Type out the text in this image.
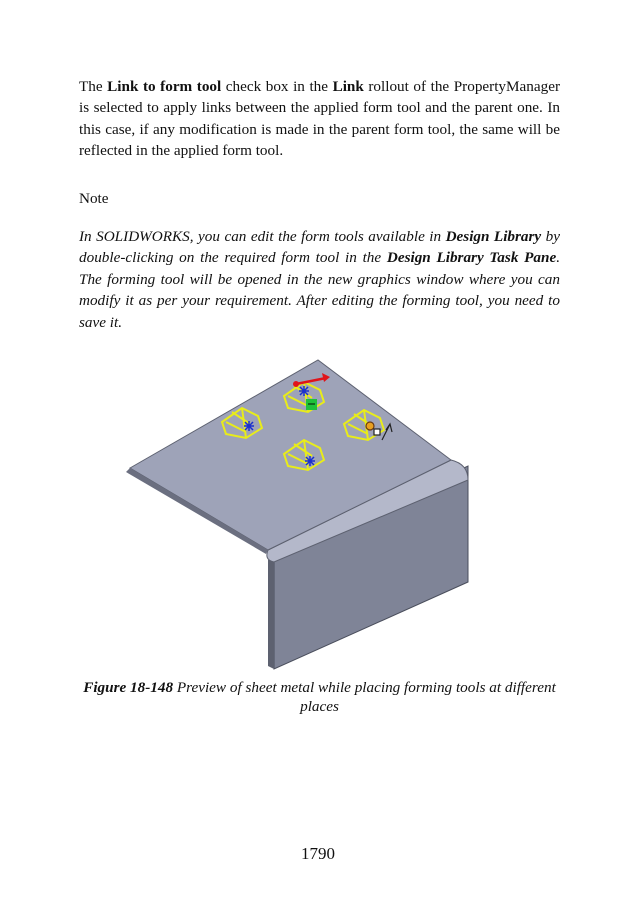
The Link to form tool check box in the Link rollout of the PropertyManager is selected to apply links between the applied form tool and the parent one. In this case, if any modification is made in the parent form tool, the same will be reflected in the applied form tool.

Note

In SOLIDWORKS, you can edit the form tools available in Design Library by double-clicking on the required form tool in the Design Library Task Pane. The forming tool will be opened in the new graphics window where you can modify it as per your requirement. After editing the forming tool, you need to save it.

Figure 18-148 Preview of sheet metal while placing forming tools at different places

1790
